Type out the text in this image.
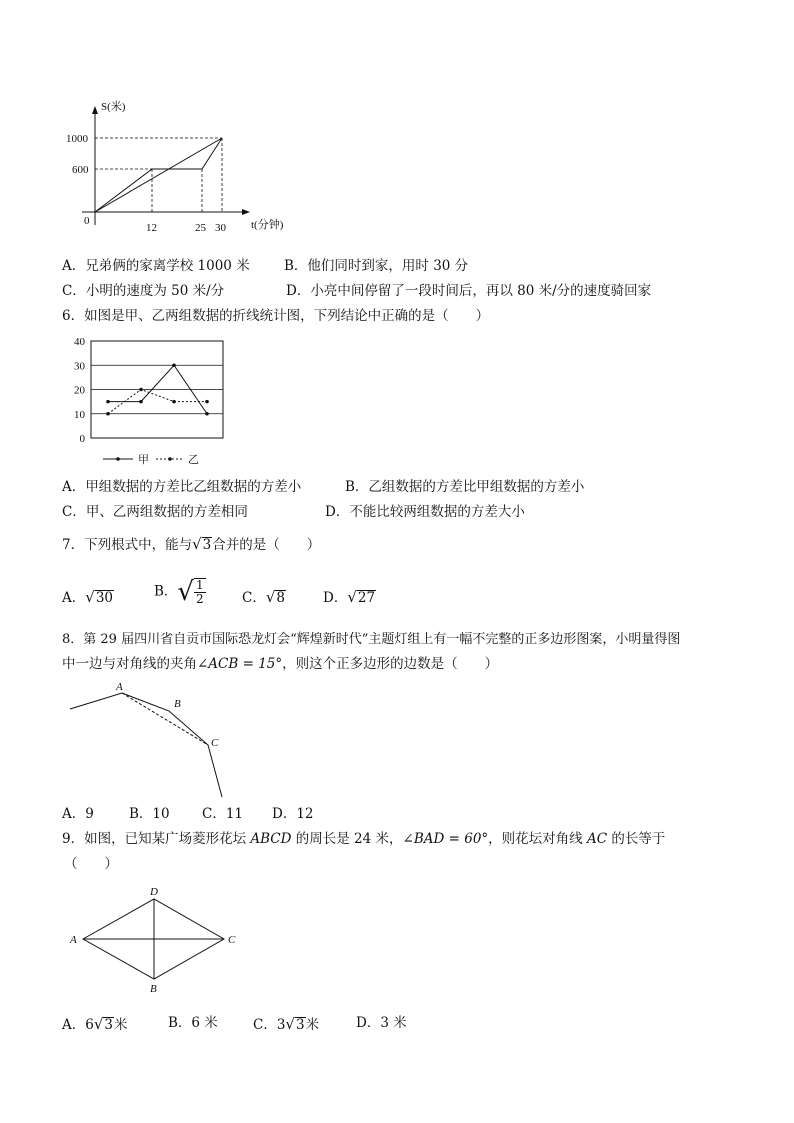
S(米)
t(分钟)
1000
600
0
12	25 30
A．兄弟俩的家离学校 1000 米	B．他们同时到家，用时 30 分
C．小明的速度为 50 米/分	D．小亮中间停留了一段时间后，再以 80 米/分的速度骑回家
6．如图是甲、乙两组数据的折线统计图，下列结论中正确的是（　　）
0
10
20
30
40
甲	乙
A．甲组数据的方差比乙组数据的方差小	B．乙组数据的方差比甲组数据的方差小
C．甲、乙两组数据的方差相同	D．不能比较两组数据的方差大小
7．下列根式中，能与√3合并的是（　　）
A．√30	B．√ $\frac{1}{2}$	C．√8	D．√27
8．第 29 届四川省自贡市国际恐龙灯会“辉煌新时代”主题灯组上有一幅不完整的正多边形图案，小明量得图
中一边与对角线的夹角∠ACB = 15°，则这个正多边形的边数是（　　）
A
B
C
A．9	B．10 C．11 D．12
9．如图，已知某广场菱形花坛 ABCD 的周长是 24 米，∠BAD = 60°，则花坛对角线 AC 的长等于
（　　）
A
B
C
D
A．6√3米	B．6 米	C．3√3米	D．3 米
